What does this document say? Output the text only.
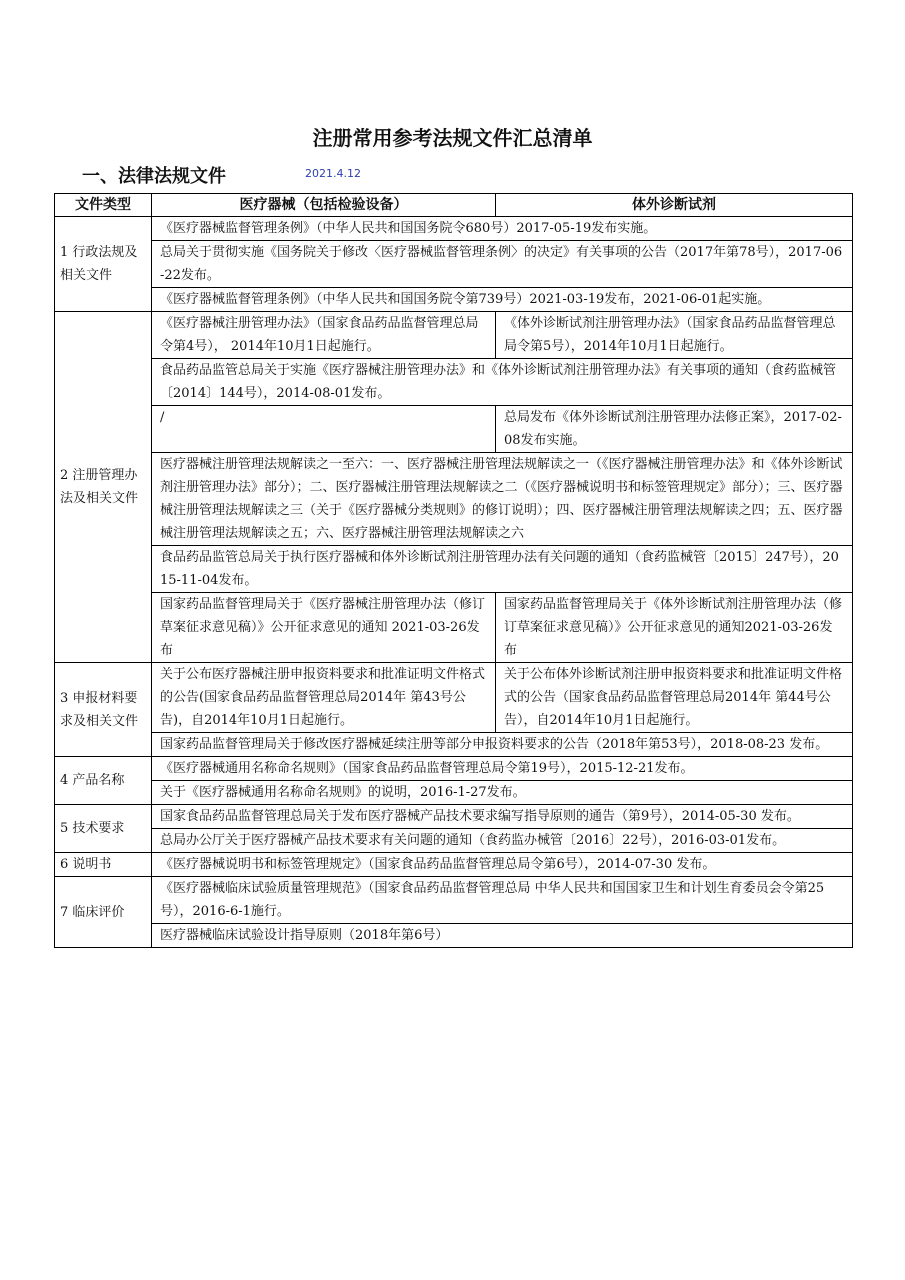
注册常用参考法规文件汇总清单
一、法律法规文件	2021.4.12
文件类型	医疗器械（包括检验设备）	体外诊断试剂
1 行政法规及相关文件	《医疗器械监督管理条例》（中华人民共和国国务院令680号）2017-05-19发布实施。	
	总局关于贯彻实施《国务院关于修改〈医疗器械监督管理条例〉的决定》有关事项的公告（2017年第78号），2017-06-22发布。	
	《医疗器械监督管理条例》（中华人民共和国国务院令第739号）2021-03-19发布，2021-06-01起实施。	
2 注册管理办法及相关文件	《医疗器械注册管理办法》（国家食品药品监督管理总局令第4号）， 2014年10月1日起施行。	《体外诊断试剂注册管理办法》（国家食品药品监督管理总局令第5号），2014年10月1日起施行。
	食品药品监管总局关于实施《医疗器械注册管理办法》和《体外诊断试剂注册管理办法》有关事项的通知（食药监械管〔2014〕144号），2014-08-01发布。	
	/	总局发布《体外诊断试剂注册管理办法修正案》，2017-02-08发布实施。
	医疗器械注册管理法规解读之一至六：一、医疗器械注册管理法规解读之一（《医疗器械注册管理办法》和《体外诊断试剂注册管理办法》部分）；二、医疗器械注册管理法规解读之二（《医疗器械说明书和标签管理规定》部分）；三、医疗器械注册管理法规解读之三（关于《医疗器械分类规则》的修订说明）；四、医疗器械注册管理法规解读之四；五、医疗器械注册管理法规解读之五；六、医疗器械注册管理法规解读之六	
	食品药品监管总局关于执行医疗器械和体外诊断试剂注册管理办法有关问题的通知（食药监械管〔2015〕247号），2015-11-04发布。	
	国家药品监督管理局关于《医疗器械注册管理办法（修订草案征求意见稿）》公开征求意见的通知 2021-03-26发布	国家药品监督管理局关于《体外诊断试剂注册管理办法（修订草案征求意见稿）》公开征求意见的通知2021-03-26发布
3 申报材料要求及相关文件	关于公布医疗器械注册申报资料要求和批准证明文件格式的公告(国家食品药品监督管理总局2014年 第43号公告)，自2014年10月1日起施行。	关于公布体外诊断试剂注册申报资料要求和批准证明文件格式的公告（国家食品药品监督管理总局2014年 第44号公告），自2014年10月1日起施行。
	国家药品监督管理局关于修改医疗器械延续注册等部分申报资料要求的公告（2018年第53号），2018-08-23 发布。	
4 产品名称	《医疗器械通用名称命名规则》（国家食品药品监督管理总局令第19号），2015-12-21发布。	
	关于《医疗器械通用名称命名规则》的说明，2016-1-27发布。	
5 技术要求	国家食品药品监督管理总局关于发布医疗器械产品技术要求编写指导原则的通告（第9号），2014-05-30 发布。	
	总局办公厅关于医疗器械产品技术要求有关问题的通知（食药监办械管〔2016〕22号），2016-03-01发布。	
6 说明书	《医疗器械说明书和标签管理规定》（国家食品药品监督管理总局令第6号），2014-07-30 发布。	
7 临床评价	《医疗器械临床试验质量管理规范》（国家食品药品监督管理总局 中华人民共和国国家卫生和计划生育委员会令第25号），2016-6-1施行。	
	医疗器械临床试验设计指导原则（2018年第6号）	
